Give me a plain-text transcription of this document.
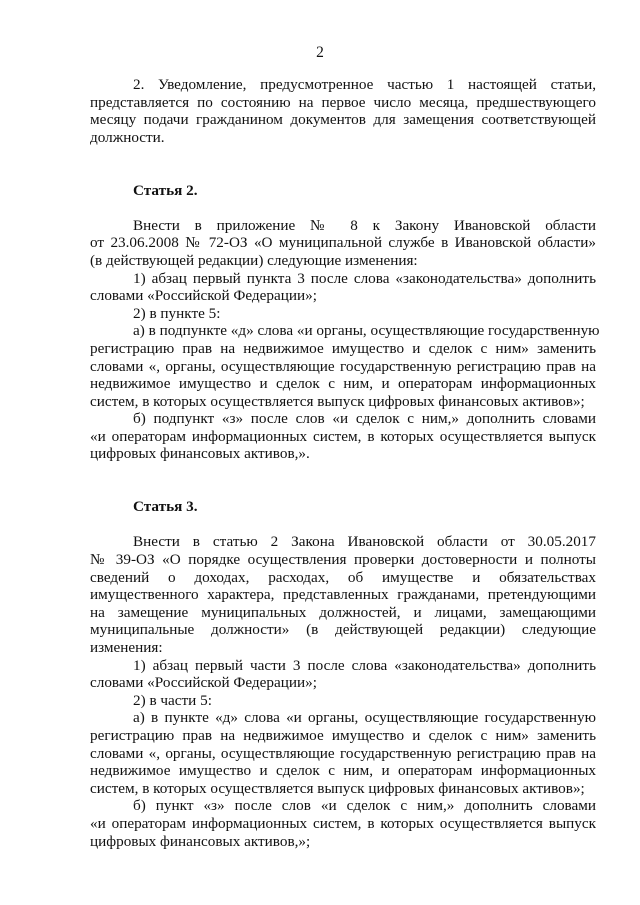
2
2. Уведомление, предусмотренное частью 1 настоящей статьи,
представляется по состоянию на первое число месяца, предшествующего
месяцу подачи гражданином документов для замещения соответствующей
должности.
Статья 2.
Внести в приложение № 8 к Закону Ивановской области
от 23.06.2008 № 72-ОЗ «О муниципальной службе в Ивановской области»
(в действующей редакции) следующие изменения:
1) абзац первый пункта 3 после слова «законодательства» дополнить
словами «Российской Федерации»;
2) в пункте 5:
а) в подпункте «д» слова «и органы, осуществляющие государственную
регистрацию прав на недвижимое имущество и сделок с ним» заменить
словами «, органы, осуществляющие государственную регистрацию прав на
недвижимое имущество и сделок с ним, и операторам информационных
систем, в которых осуществляется выпуск цифровых финансовых активов»;
б) подпункт «з» после слов «и сделок с ним,» дополнить словами
«и операторам информационных систем, в которых осуществляется выпуск
цифровых финансовых активов,».
Статья 3.
Внести в статью 2 Закона Ивановской области от 30.05.2017
№ 39-ОЗ «О порядке осуществления проверки достоверности и полноты
сведений о доходах, расходах, об имуществе и обязательствах
имущественного характера, представленных гражданами, претендующими
на замещение муниципальных должностей, и лицами, замещающими
муниципальные должности» (в действующей редакции) следующие
изменения:
1) абзац первый части 3 после слова «законодательства» дополнить
словами «Российской Федерации»;
2) в части 5:
а) в пункте «д» слова «и органы, осуществляющие государственную
регистрацию прав на недвижимое имущество и сделок с ним» заменить
словами «, органы, осуществляющие государственную регистрацию прав на
недвижимое имущество и сделок с ним, и операторам информационных
систем, в которых осуществляется выпуск цифровых финансовых активов»;
б) пункт «з» после слов «и сделок с ним,» дополнить словами
«и операторам информационных систем, в которых осуществляется выпуск
цифровых финансовых активов,»;
